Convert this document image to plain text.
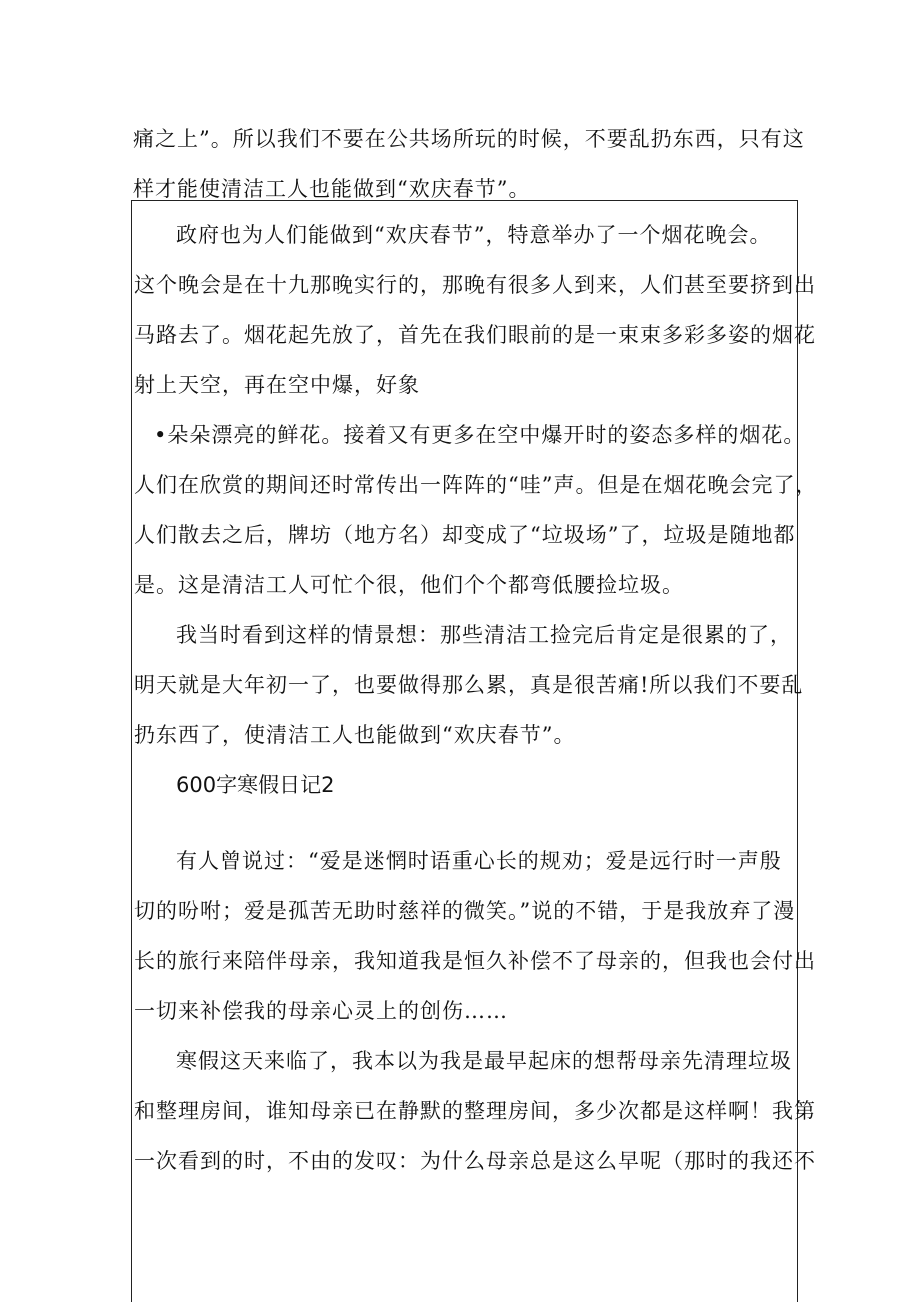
痛之上”。所以我们不要在公共场所玩的时候，不要乱扔东西，只有这
样才能使清洁工人也能做到“欢庆春节”。
政府也为人们能做到“欢庆春节”，特意举办了一个烟花晚会。
这个晚会是在十九那晚实行的，那晚有很多人到来，人们甚至要挤到出
马路去了。烟花起先放了，首先在我们眼前的是一束束多彩多姿的烟花
射上天空，再在空中爆，好象
•朵朵漂亮的鲜花。接着又有更多在空中爆开时的姿态多样的烟花。
人们在欣赏的期间还时常传出一阵阵的“哇”声。但是在烟花晚会完了，
人们散去之后，牌坊（地方名）却变成了“垃圾场”了，垃圾是随地都
是。这是清洁工人可忙个很，他们个个都弯低腰捡垃圾。
我当时看到这样的情景想：那些清洁工捡完后肯定是很累的了，
明天就是大年初一了，也要做得那么累，真是很苦痛!所以我们不要乱
扔东西了，使清洁工人也能做到“欢庆春节”。
600字寒假日记2
有人曾说过：“爱是迷惘时语重心长的规劝；爱是远行时一声殷
切的吩咐；爱是孤苦无助时慈祥的微笑。”说的不错，于是我放弃了漫
长的旅行来陪伴母亲，我知道我是恒久补偿不了母亲的，但我也会付出
一切来补偿我的母亲心灵上的创伤……
寒假这天来临了，我本以为我是最早起床的想帮母亲先清理垃圾
和整理房间，谁知母亲已在静默的整理房间，多少次都是这样啊！我第
一次看到的时，不由的发叹：为什么母亲总是这么早呢（那时的我还不
